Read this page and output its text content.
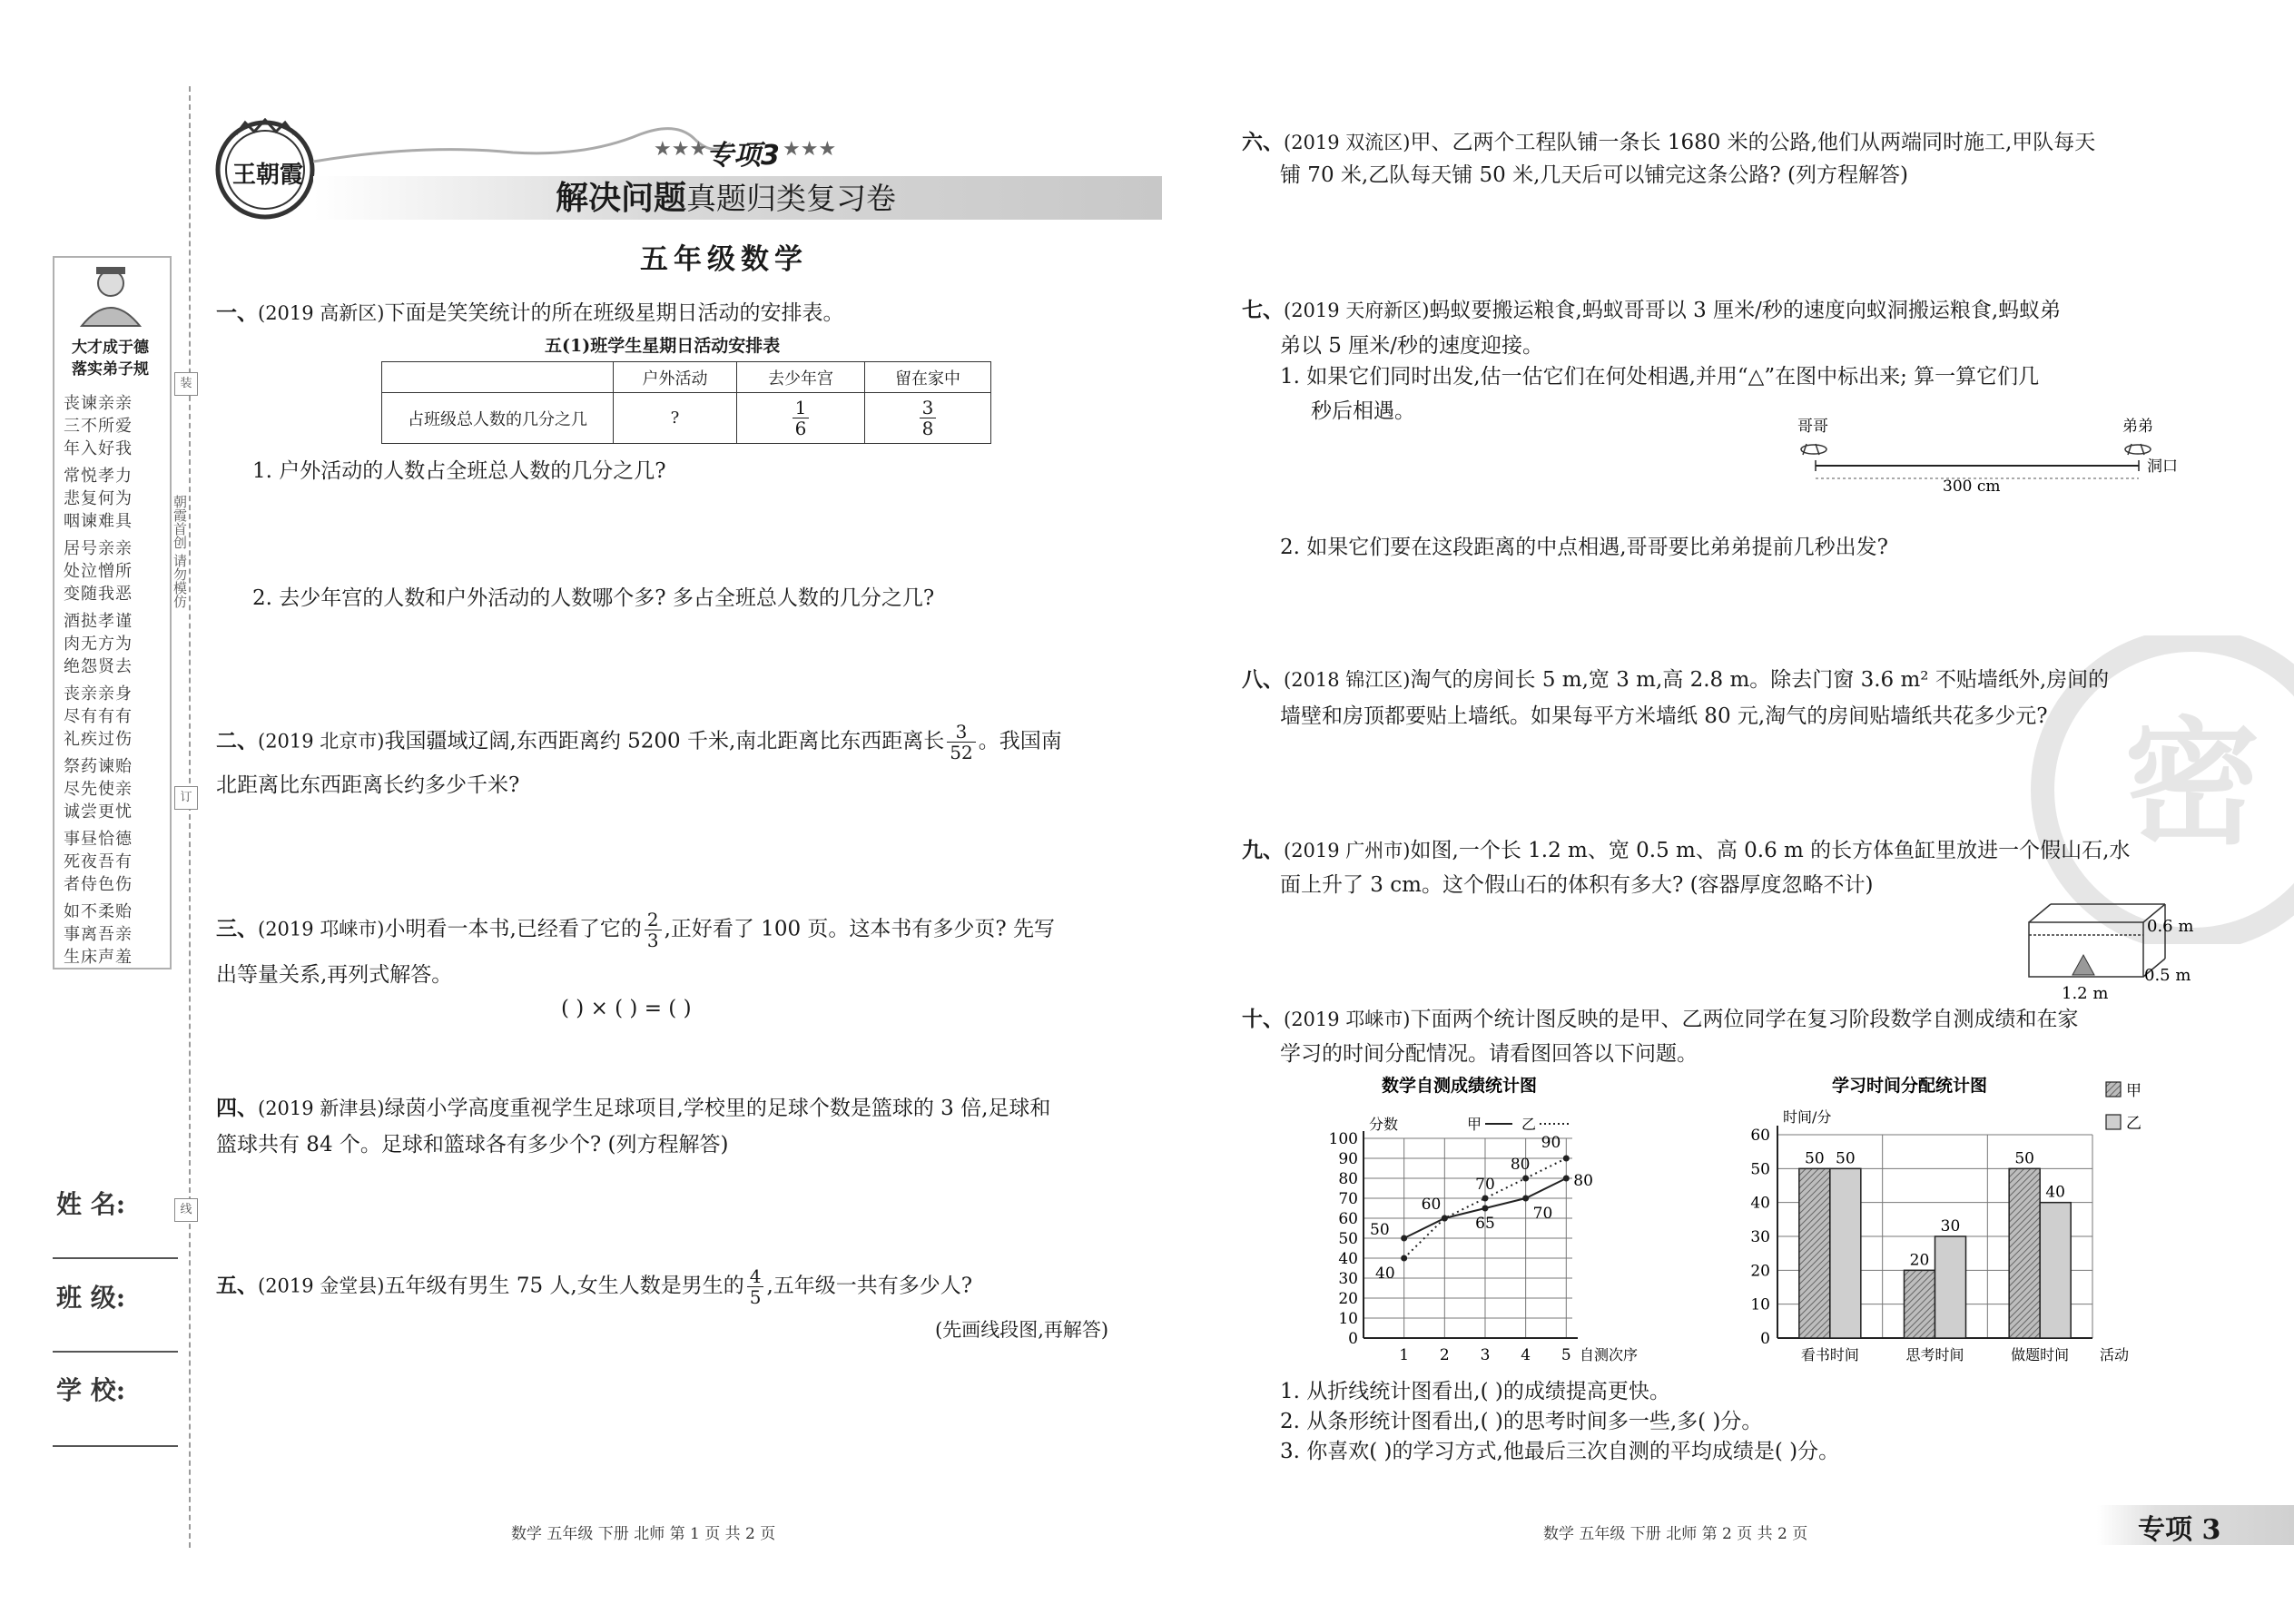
大才成于德
落实弟子规
丧谏亲亲
三不所爱
年入好我
常悦孝力
悲复何为
咽谏难具
居号亲亲
处泣憎所
变随我恶
酒挞孝谨
肉无方为
绝怨贤去
丧亲亲身
尽有有有
礼疾过伤
祭药谏贻
尽先使亲
诚尝更忧
事昼恰德
死夜吾有
者侍色伤
如不柔贻
事离吾亲
生床声羞
装
朝霞首创 请勿模仿
订
线
姓 名:
班 级:
学 校:
王朝霞
★★★
专项3 ★★★
解决问题真题归类复习卷
五年级数学
一、(2019 高新区)下面是笑笑统计的所在班级星期日活动的安排表。
五(1)班学生星期日活动安排表
	户外活动	去少年宫	留在家中
占班级总人数的几分之几	?	$\frac{1}{6}$	$\frac{3}{8}$
1. 户外活动的人数占全班总人数的几分之几?
2. 去少年宫的人数和户外活动的人数哪个多? 多占全班总人数的几分之几?
二、(2019 北京市)我国疆域辽阔,东西距离约 5200 千米,南北距离比东西距离长 $\frac{3}{52}$ 。我国南
北距离比东西距离长约多少千米?
三、(2019 邛崃市)小明看一本书,已经看了它的 $\frac{2}{3}$ ,正好看了 100 页。这本书有多少页? 先写
出等量关系,再列式解答。
( ) × ( ) = ( )
四、(2019 新津县)绿茵小学高度重视学生足球项目,学校里的足球个数是篮球的 3 倍,足球和
篮球共有 84 个。足球和篮球各有多少个? (列方程解答)
五、(2019 金堂县)五年级有男生 75 人,女生人数是男生的 $\frac{4}{5}$ ,五年级一共有多少人?
(先画线段图,再解答)
密
六、(2019 双流区)甲、乙两个工程队铺一条长 1680 米的公路,他们从两端同时施工,甲队每天
铺 70 米,乙队每天铺 50 米,几天后可以铺完这条公路? (列方程解答)
七、(2019 天府新区)蚂蚁要搬运粮食,蚂蚁哥哥以 3 厘米/秒的速度向蚁洞搬运粮食,蚂蚁弟
弟以 5 厘米/秒的速度迎接。
1. 如果它们同时出发,估一估它们在何处相遇,并用“△”在图中标出来; 算一算它们几
秒后相遇。
哥哥	弟弟
300 cm
洞口
2. 如果它们要在这段距离的中点相遇,哥哥要比弟弟提前几秒出发?
八、(2018 锦江区)淘气的房间长 5 m,宽 3 m,高 2.8 m。除去门窗 3.6 m² 不贴墙纸外,房间的
墙壁和房顶都要贴上墙纸。如果每平方米墙纸 80 元,淘气的房间贴墙纸共花多少元?
九、(2019 广州市)如图,一个长 1.2 m、宽 0.5 m、高 0.6 m 的长方体鱼缸里放进一个假山石,水
面上升了 3 cm。这个假山石的体积有多大? (容器厚度忽略不计)
0.6 m
0.5 m
1.2 m
十、(2019 邛崃市)下面两个统计图反映的是甲、乙两位同学在复习阶段数学自测成绩和在家
学习的时间分配情况。请看图回答以下问题。
数学自测成绩统计图
0
10
20
30
40
50
60
70
80
90
100
1 2 3 4 5
分数
自测次序
甲	乙
50
60
65
70
80
40
70
80
90
学习时间分配统计图
0
10
20
30
40
50
60
时间/分
活动
看书时间
50 50
思考时间
20
30
做题时间
50
40
甲
乙
1. 从折线统计图看出,( )的成绩提高更快。
2. 从条形统计图看出,( )的思考时间多一些,多( )分。
3. 你喜欢( )的学习方式,他最后三次自测的平均成绩是( )分。
数学 五年级 下册 北师 第 1 页 共 2 页	数学 五年级 下册 北师 第 2 页 共 2 页	专项 3
